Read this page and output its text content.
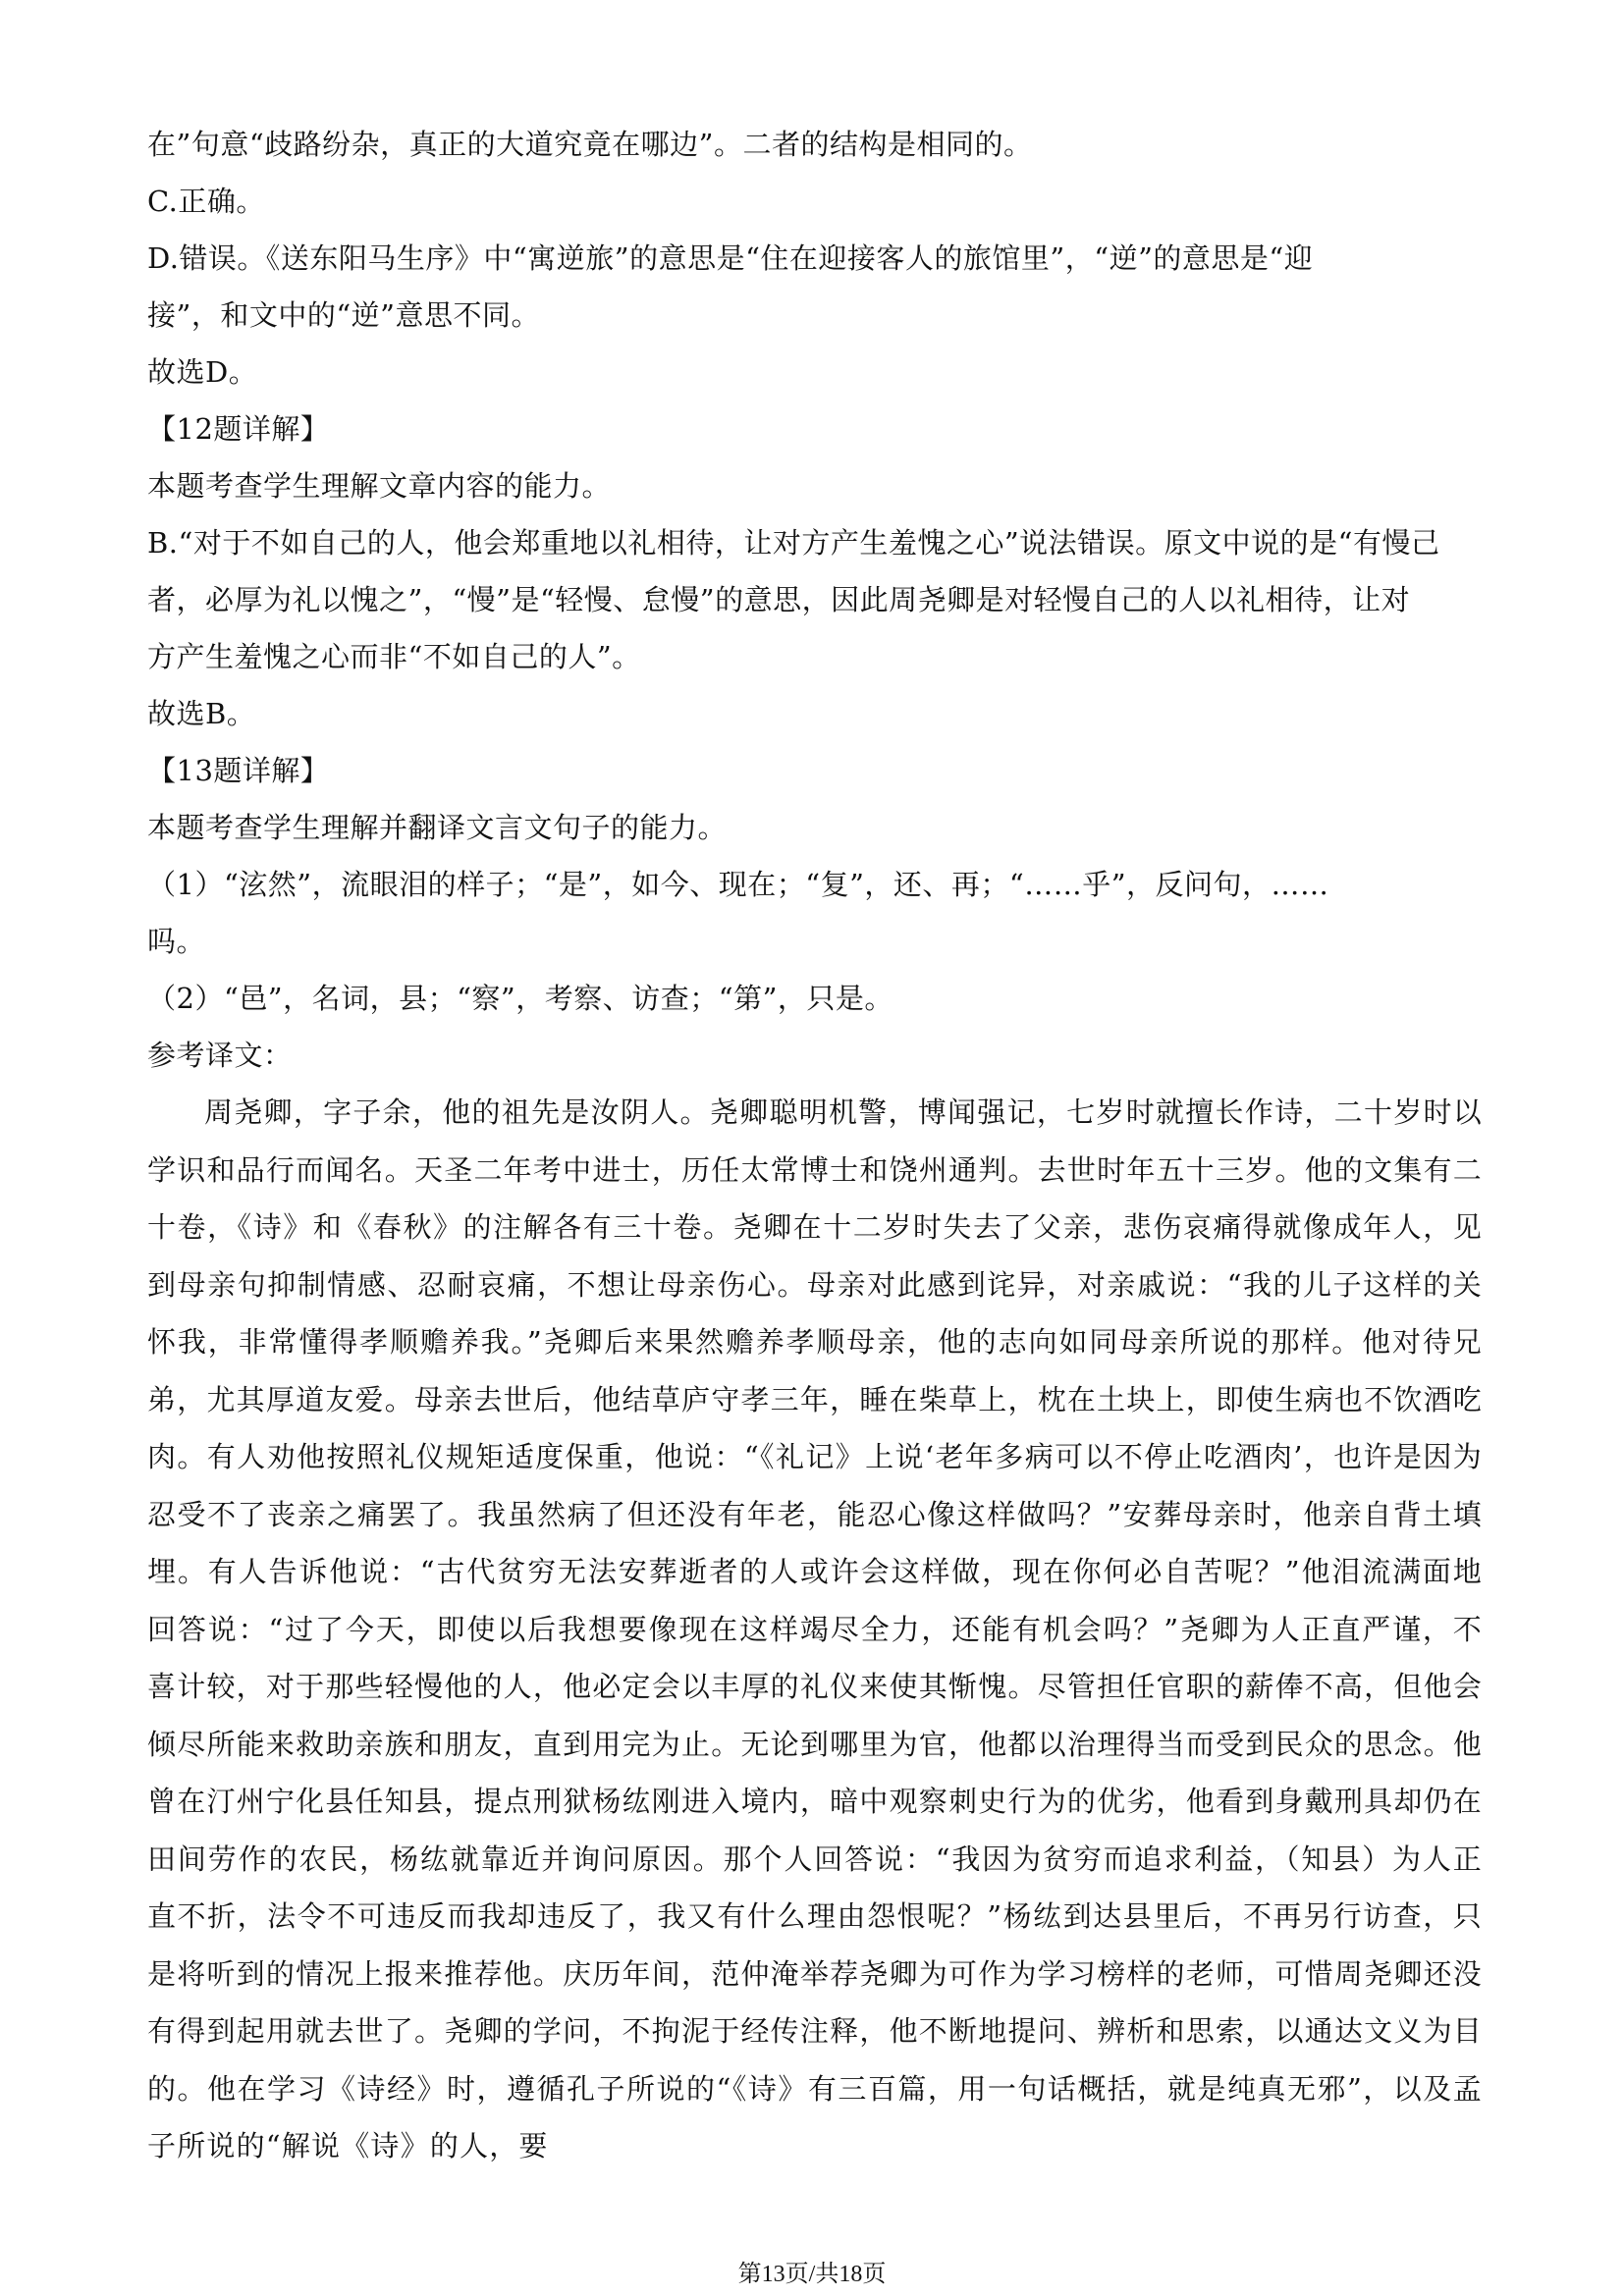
在”句意“歧路纷杂，真正的大道究竟在哪边”。二者的结构是相同的。

C.正确。

D.错误。《送东阳马生序》中“寓逆旅”的意思是“住在迎接客人的旅馆里”，“逆”的意思是“迎

接”，和文中的“逆”意思不同。

故选D。

【12题详解】

本题考查学生理解文章内容的能力。

B.“对于不如自己的人，他会郑重地以礼相待，让对方产生羞愧之心”说法错误。原文中说的是“有慢己

者，必厚为礼以愧之”，“慢”是“轻慢、怠慢”的意思，因此周尧卿是对轻慢自己的人以礼相待，让对

方产生羞愧之心而非“不如自己的人”。

故选B。

【13题详解】

本题考查学生理解并翻译文言文句子的能力。

（1）“泫然”，流眼泪的样子；“是”，如今、现在；“复”，还、再；“……乎”，反问句，……

吗。

（2）“邑”，名词，县；“察”，考察、访查；“第”，只是。

参考译文：

周尧卿，字子余，他的祖先是汝阴人。尧卿聪明机警，博闻强记，七岁时就擅长作诗，二十岁时以学识和品行而闻名。天圣二年考中进士，历任太常博士和饶州通判。去世时年五十三岁。他的文集有二十卷，《诗》和《春秋》的注解各有三十卷。尧卿在十二岁时失去了父亲，悲伤哀痛得就像成年人，见到母亲句抑制情感、忍耐哀痛，不想让母亲伤心。母亲对此感到诧异，对亲戚说：“我的儿子这样的关怀我，非常懂得孝顺赡养我。”尧卿后来果然赡养孝顺母亲，他的志向如同母亲所说的那样。他对待兄弟，尤其厚道友爱。母亲去世后，他结草庐守孝三年，睡在柴草上，枕在土块上，即使生病也不饮酒吃肉。有人劝他按照礼仪规矩适度保重，他说：“《礼记》上说‘老年多病可以不停止吃酒肉’，也许是因为忍受不了丧亲之痛罢了。我虽然病了但还没有年老，能忍心像这样做吗？”安葬母亲时，他亲自背土填埋。有人告诉他说：“古代贫穷无法安葬逝者的人或许会这样做，现在你何必自苦呢？”他泪流满面地回答说：“过了今天，即使以后我想要像现在这样竭尽全力，还能有机会吗？”尧卿为人正直严谨，不喜计较，对于那些轻慢他的人，他必定会以丰厚的礼仪来使其惭愧。尽管担任官职的薪俸不高，但他会倾尽所能来救助亲族和朋友，直到用完为止。无论到哪里为官，他都以治理得当而受到民众的思念。他曾在汀州宁化县任知县，提点刑狱杨纮刚进入境内，暗中观察刺史行为的优劣，他看到身戴刑具却仍在田间劳作的农民，杨纮就靠近并询问原因。那个人回答说：“我因为贫穷而追求利益，（知县）为人正直不折，法令不可违反而我却违反了，我又有什么理由怨恨呢？”杨纮到达县里后，不再另行访查，只是将听到的情况上报来推荐他。庆历年间，范仲淹举荐尧卿为可作为学习榜样的老师，可惜周尧卿还没有得到起用就去世了。尧卿的学问，不拘泥于经传注释，他不断地提问、辨析和思索，以通达文义为目的。他在学习《诗经》时，遵循孔子所说的“《诗》有三百篇，用一句话概括，就是纯真无邪”，以及孟子所说的“解说《诗》的人，要

第13页/共18页
